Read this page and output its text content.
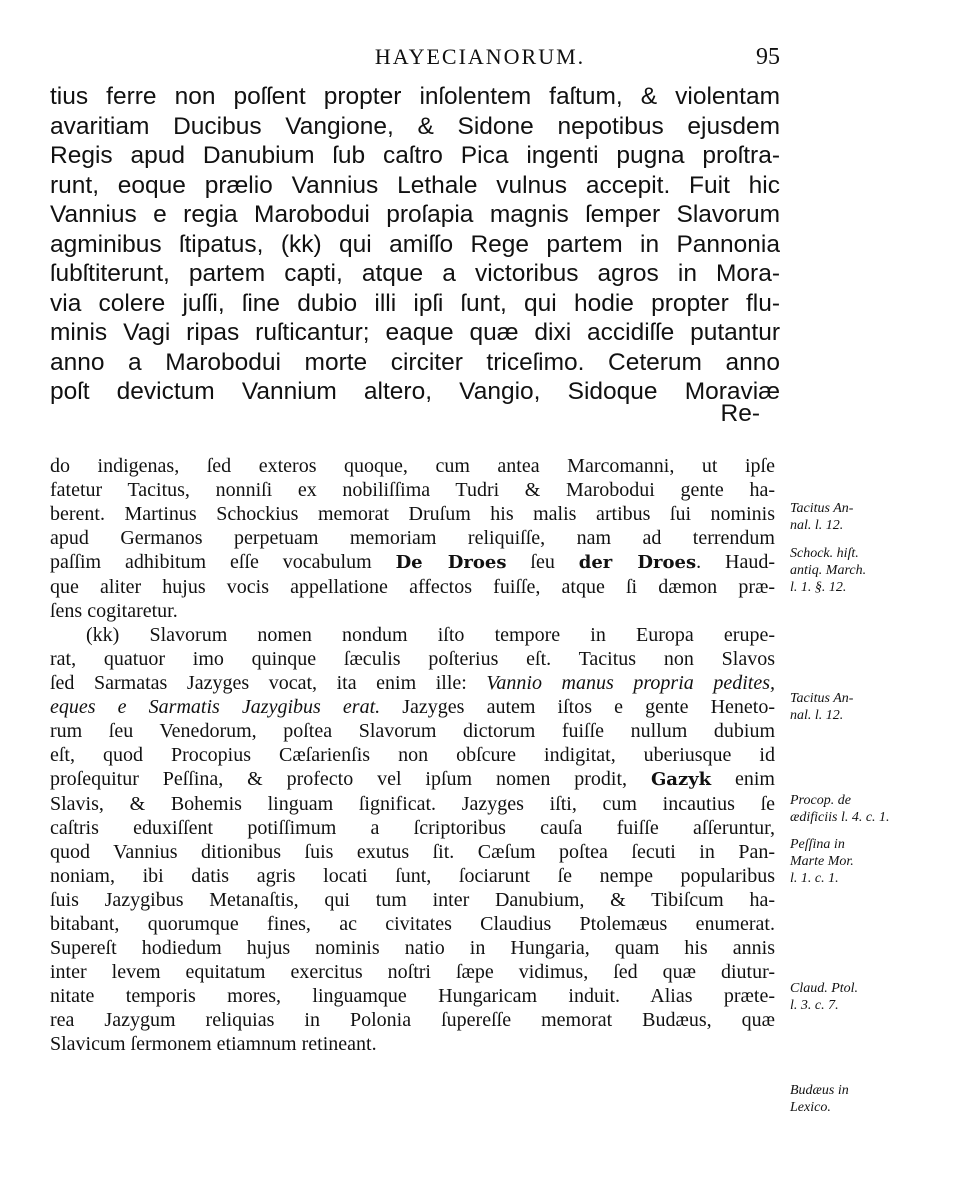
HAYECIANORUM.	95
tius ferre non poſſent propter inſolentem faſtum, & violentam
avaritiam Ducibus Vangione, & Sidone nepotibus ejusdem
Regis apud Danubium ſub caſtro Pica ingenti pugna proſtra-
runt, eoque prælio Vannius Lethale vulnus accepit. Fuit hic
Vannius e regia Marobodui proſapia magnis ſemper Slavorum
agminibus ſtipatus, (kk) qui amiſſo Rege partem in Pannonia
ſubſtiterunt, partem capti, atque a victoribus agros in Mora-
via colere juſſi, ſine dubio illi ipſi ſunt, qui hodie propter flu-
minis Vagi ripas ruſticantur; eaque quæ dixi accidiſſe putantur
anno a Marobodui morte circiter triceſimo. Ceterum anno
poſt devictum Vannium altero, Vangio, Sidoque Moraviæ
Re-
do indigenas, ſed exteros quoque, cum antea Marcomanni, ut ipſe
fatetur Tacitus, nonniſi ex nobiliſſima Tudri & Marobodui gente ha-
berent. Martinus Schockius memorat Druſum his malis artibus ſui nominis
apud Germanos perpetuam memoriam reliquiſſe, nam ad terrendum
paſſim adhibitum eſſe vocabulum De Droes ſeu der Droes. Haud-
que aliter hujus vocis appellatione affectos fuiſſe, atque ſi dæmon præ-
ſens cogitaretur.
(kk) Slavorum nomen nondum iſto tempore in Europa erupe-
rat, quatuor imo quinque ſæculis poſterius eſt. Tacitus non Slavos
ſed Sarmatas Jazyges vocat, ita enim ille: Vannio manus propria pedites,
eques e Sarmatis Jazygibus erat. Jazyges autem iſtos e gente Heneto-
rum ſeu Venedorum, poſtea Slavorum dictorum fuiſſe nullum dubium
eſt, quod Procopius Cæſarienſis non obſcure indigitat, uberiusque id
proſequitur Peſſina, & profecto vel ipſum nomen prodit, Gazyk enim
Slavis, & Bohemis linguam ſignificat. Jazyges iſti, cum incautius ſe
caſtris eduxiſſent potiſſimum a ſcriptoribus cauſa fuiſſe aſſeruntur,
quod Vannius ditionibus ſuis exutus ſit. Cæſum poſtea ſecuti in Pan-
noniam, ibi datis agris locati ſunt, ſociarunt ſe nempe popularibus
ſuis Jazygibus Metanaſtis, qui tum inter Danubium, & Tibiſcum ha-
bitabant, quorumque fines, ac civitates Claudius Ptolemæus enumerat.
Supereſt hodiedum hujus nominis natio in Hungaria, quam his annis
inter levem equitatum exercitus noſtri ſæpe vidimus, ſed quæ diutur-
nitate temporis mores, linguamque Hungaricam induit. Alias præte-
rea Jazygum reliquias in Polonia ſupereſſe memorat Budæus, quæ
Slavicum ſermonem etiamnum retineant.
Tacitus An-
nal. l. 12.
Schock. hiſt.
antiq. March.
l. 1. §. 12.
Tacitus An-
nal. l. 12.
Procop. de
ædificiis l. 4. c. 1.
Peſſina in
Marte Mor.
l. 1. c. 1.
Claud. Ptol.
l. 3. c. 7.
Budæus in
Lexico.
